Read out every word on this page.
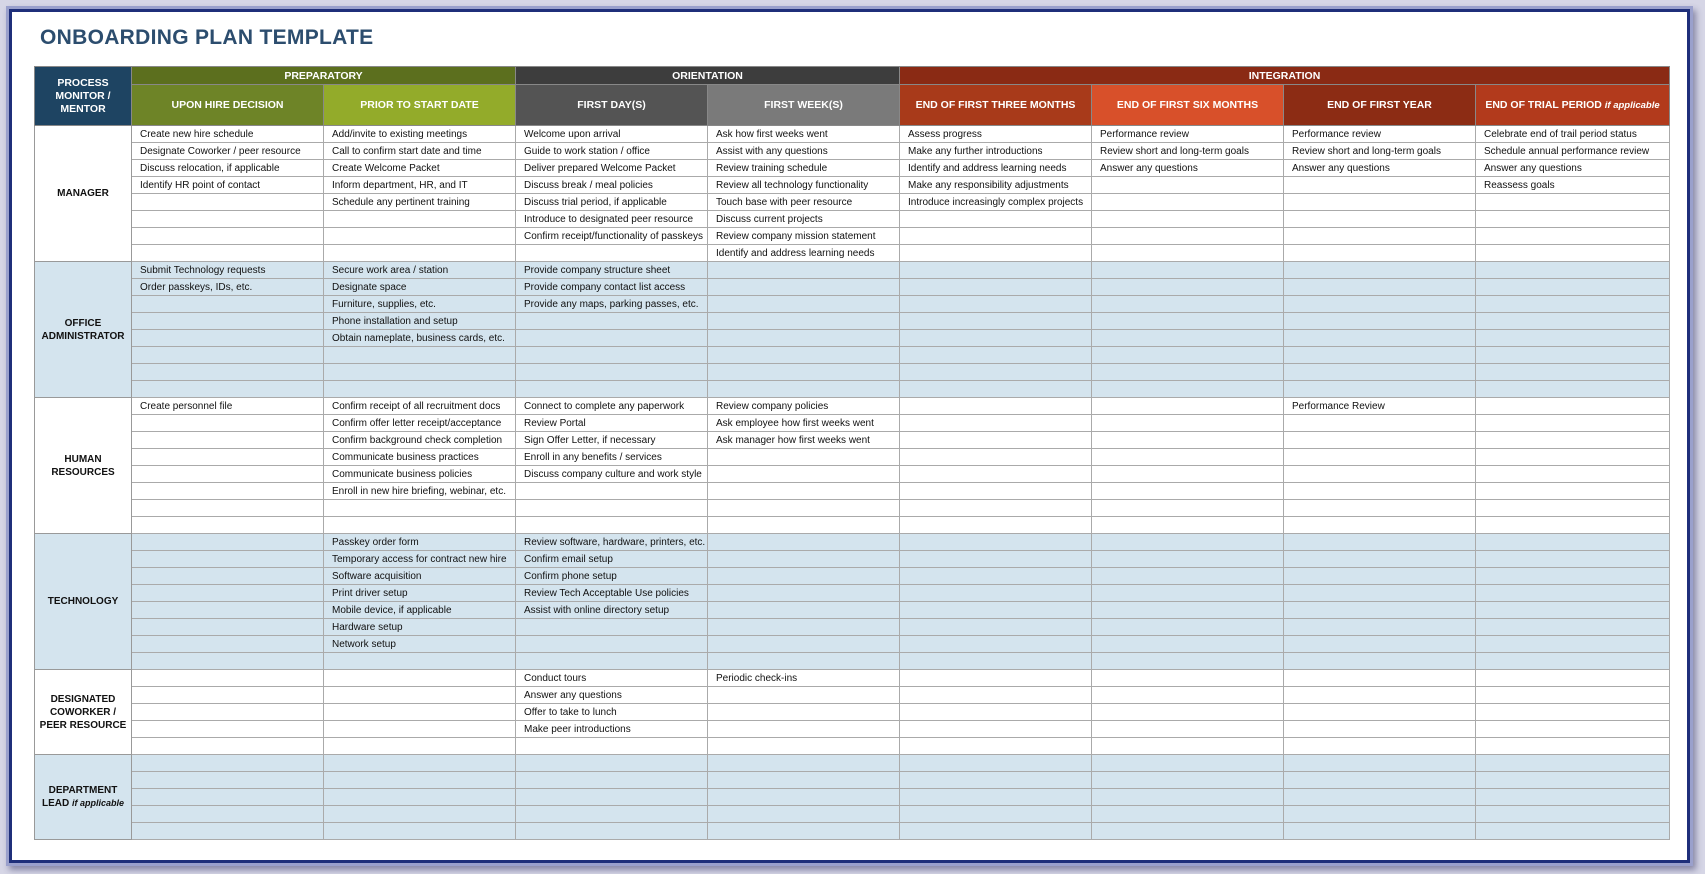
ONBOARDING PLAN TEMPLATE
PROCESS MONITOR / MENTOR	PREPARATORY		ORIENTATION		INTEGRATION			
	UPON HIRE DECISION	PRIOR TO START DATE	FIRST DAY(S)	FIRST WEEK(S)	END OF FIRST THREE MONTHS	END OF FIRST SIX MONTHS	END OF FIRST YEAR	END OF TRIAL PERIOD if applicable
MANAGER	Create new hire schedule	Add/invite to existing meetings	Welcome upon arrival	Ask how first weeks went	Assess progress	Performance review	Performance review	Celebrate end of trail period status
	Designate Coworker / peer resource	Call to confirm start date and time	Guide to work station / office	Assist with any questions	Make any further introductions	Review short and long-term goals	Review short and long-term goals	Schedule annual performance review
	Discuss relocation, if applicable	Create Welcome Packet	Deliver prepared Welcome Packet	Review training schedule	Identify and address learning needs	Answer any questions	Answer any questions	Answer any questions
	Identify HR point of contact	Inform department, HR, and IT	Discuss break / meal policies	Review all technology functionality	Make any responsibility adjustments			Reassess goals
		Schedule any pertinent training	Discuss trial period, if applicable	Touch base with peer resource	Introduce increasingly complex projects			
			Introduce to designated peer resource	Discuss current projects				
			Confirm receipt/functionality of passkeys	Review company mission statement				
				Identify and address learning needs				
OFFICE ADMINISTRATOR	Submit Technology requests	Secure work area / station	Provide company structure sheet					
	Order passkeys, IDs, etc.	Designate space	Provide company contact list access					
		Furniture, supplies, etc.	Provide any maps, parking passes, etc.					
		Phone installation and setup						
		Obtain nameplate, business cards, etc.						

HUMAN RESOURCES	Create personnel file	Confirm receipt of all recruitment docs	Connect to complete any paperwork	Review company policies			Performance Review	
		Confirm offer letter receipt/acceptance	Review Portal	Ask employee how first weeks went				
		Confirm background check completion	Sign Offer Letter, if necessary	Ask manager how first weeks went				
		Communicate business practices	Enroll in any benefits / services					
		Communicate business policies	Discuss company culture and work style					
		Enroll in new hire briefing, webinar, etc.						

TECHNOLOGY		Passkey order form	Review software, hardware, printers, etc.					
		Temporary access for contract new hire	Confirm email setup					
		Software acquisition	Confirm phone setup					
		Print driver setup	Review Tech Acceptable Use policies					
		Mobile device, if applicable	Assist with online directory setup					
		Hardware setup						
		Network setup						

DESIGNATED COWORKER / PEER RESOURCE			Conduct tours	Periodic check-ins				
			Answer any questions					
			Offer to take to lunch					
			Make peer introductions					

DEPARTMENT LEAD if applicable								
